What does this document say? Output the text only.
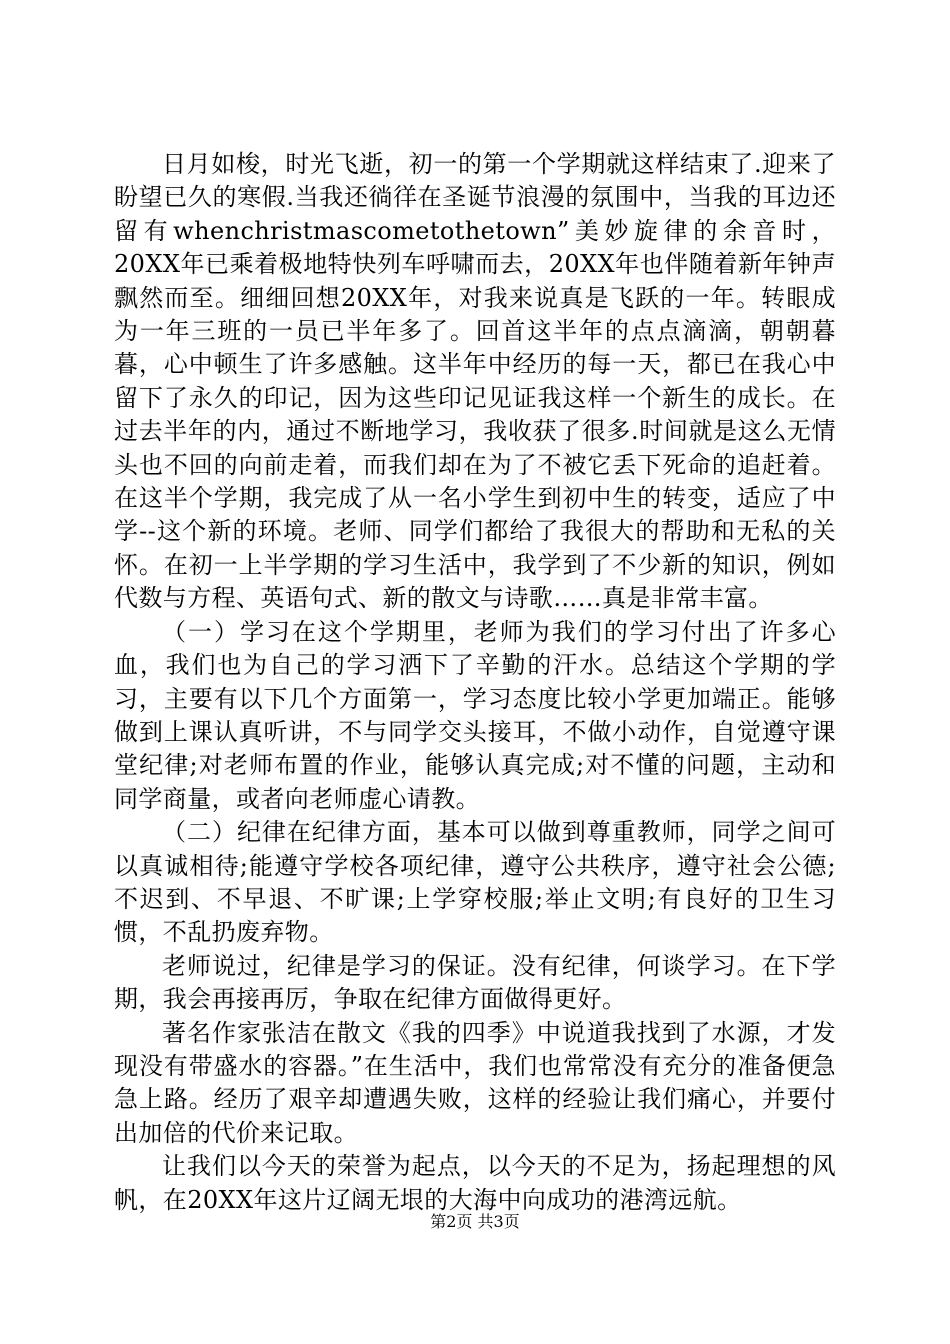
日月如梭，时光飞逝，初一的第一个学期就这样结束了.迎来了盼望已久的寒假.当我还徜徉在圣诞节浪漫的氛围中，当我的耳边还留有whenchristmascometothetown”美妙旋律的余音时，20XX年已乘着极地特快列车呼啸而去，20XX年也伴随着新年钟声飘然而至。细细回想20XX年，对我来说真是飞跃的一年。转眼成为一年三班的一员已半年多了。回首这半年的点点滴滴，朝朝暮暮，心中顿生了许多感触。这半年中经历的每一天，都已在我心中留下了永久的印记，因为这些印记见证我这样一个新生的成长。在过去半年的内，通过不断地学习，我收获了很多.时间就是这么无情头也不回的向前走着，而我们却在为了不被它丢下死命的追赶着。在这半个学期，我完成了从一名小学生到初中生的转变，适应了中学--这个新的环境。老师、同学们都给了我很大的帮助和无私的关怀。在初一上半学期的学习生活中，我学到了不少新的知识，例如代数与方程、英语句式、新的散文与诗歌……真是非常丰富。

（一）学习在这个学期里，老师为我们的学习付出了许多心血，我们也为自己的学习洒下了辛勤的汗水。总结这个学期的学习，主要有以下几个方面第一，学习态度比较小学更加端正。能够做到上课认真听讲，不与同学交头接耳，不做小动作，自觉遵守课堂纪律;对老师布置的作业，能够认真完成;对不懂的问题，主动和同学商量，或者向老师虚心请教。

（二）纪律在纪律方面，基本可以做到尊重教师，同学之间可以真诚相待;能遵守学校各项纪律，遵守公共秩序，遵守社会公德;不迟到、不早退、不旷课;上学穿校服;举止文明;有良好的卫生习惯，不乱扔废弃物。

老师说过，纪律是学习的保证。没有纪律，何谈学习。在下学期，我会再接再厉，争取在纪律方面做得更好。

著名作家张洁在散文《我的四季》中说道我找到了水源，才发现没有带盛水的容器。”在生活中，我们也常常没有充分的准备便急急上路。经历了艰辛却遭遇失败，这样的经验让我们痛心，并要付出加倍的代价来记取。

让我们以今天的荣誉为起点，以今天的不足为，扬起理想的风帆，在20XX年这片辽阔无垠的大海中向成功的港湾远航。

第2页 共3页
